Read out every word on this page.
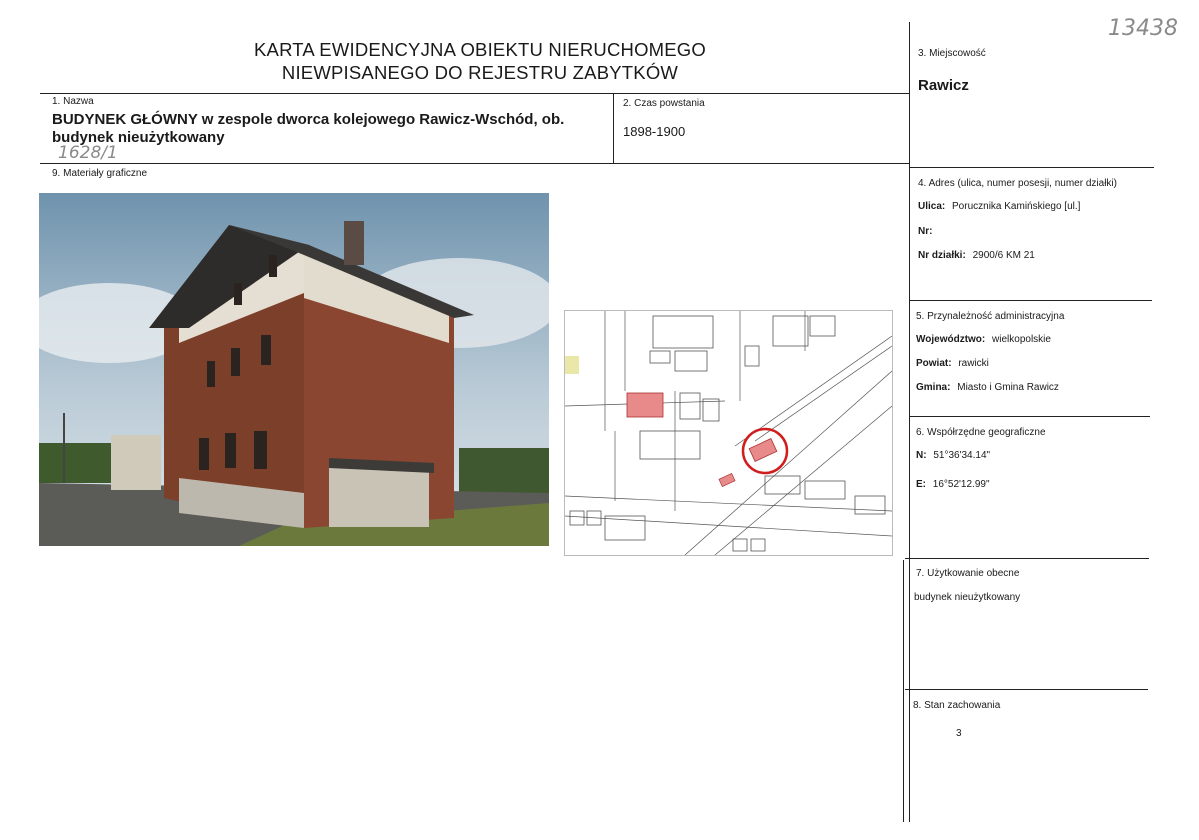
KARTA EWIDENCYJNA OBIEKTU NIERUCHOMEGO
NIEWPISANEGO DO REJESTRU ZABYTKÓW
13438
1. Nazwa
BUDYNEK GŁÓWNY w zespole dworca kolejowego Rawicz-Wschód, ob.
budynek nieużytkowany
1628/1
2. Czas powstania
1898-1900
3. Miejscowość
Rawicz
4. Adres (ulica, numer posesji, numer działki)
Ulica: Porucznika Kamińskiego [ul.]
Nr:
Nr działki: 2900/6 KM 21
5. Przynależność administracyjna
Województwo: wielkopolskie
Powiat: rawicki
Gmina: Miasto i Gmina Rawicz
6. Współrzędne geograficzne
N: 51°36'34.14"
E: 16°52'12.99"
7. Użytkowanie obecne
budynek nieużytkowany
8. Stan zachowania
3
9. Materiały graficzne
